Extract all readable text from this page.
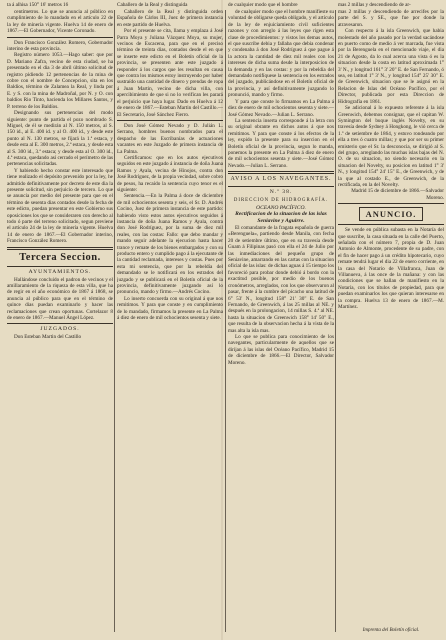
ta á alhisa 150° 16' metros 16	Caballero de la Real y distinguida	de cualquier modo que el hombre	mas 2 millas y descendiendo de ar-

centímetros. Lo que se anuncia al público en cumplimiento de lo mandado en el artículo 22 de la ley de minería vigente. Huelva 14 de enero de 1867.—El Gobernador, Vicente Coronado.

Don Francisco González Romero, Gobernador interino de esta provincia.

Registro número 1053.—Hago saber: que por D. Mariano Zafra, vecino de esta ciudad, se ha presentado en el dia 3 de abril último solicitud de registro pidiendo 12 pertenencias de la mina de cobre con el nombre de Concepcion, sita en los Baldíos, término de Zalamea la Real, y linda por E. y S. con la mina de Madroñal, por N. y O. con baldíos Rio Tinto, hacienda los Millares Santos, y P. terreno de los Baldíos.

Designando sus pertenencias del modo siguiente: punto de partida el pozo nombrado S. Miguel, de él se medirán al N. 150 metros, al S. 150 id., al E. 400 id. y al O. 400 id., y desde este punto al N. 130 metros, se fijará la 1.ª estaca, y desde esta al E. 300 metros, 2.ª estaca, y desde esta al S. 300 id., 3.ª estaca; y desde esta al O. 300 id., 4.ª estaca, quedando así cerrado el perímetro de las pertenencias solicitadas.

Y habiendo hecho constar este interesado que tiene realizado el depósito prevenido por la ley, he admitido definitivamente por decreto de este dia la presente solicitud, sin perjuicio de tercero. Lo que se anuncia por medio del presente para que en el término de sesenta dias contados desde la fecha de este edicto, puedan presentar en este Gobierno sus oposiciones los que se consideraren con derecho al todo ó parte del terreno solicitado, segun previene el artículo 24 de la ley de minería vigente. Huelva 14 de enero de 1867.—El Gobernador interino, Francisco González Romero.

Tercera Seccion.
AYUNTAMIENTOS.

Hallándose concluido el padron de vecinos y el amillaramiento de la riqueza de esta villa, que ha de regir en el año económico de 1867 á 1868, se anuncia al público para que en el término de quince dias puedan examinarlo y hacer las reclamaciones que crean oportunas. Cortelazor 8 de enero de 1867.—Manuel Ángel López.

JUZGADOS.

Don Esteban Martin del Castillo

Caballero de la Real y distinguida orden Española de Cárlos III, Juez de primera instancia en este partido de Huelva.

Por el presente se cita, llama y emplaza á José Parra Moya y Juliana Vázquez Moya, su mujer, vecinos de Escacena, para que en el preciso término de treinta dias, contados desde el en que se inserte este edicto en el Boletín oficial de la provincia, se presenten ante este juzgado á responder á los cargos que les resultan en causa que contra los mismos estoy instruyendo por haber sustraído una cantidad de dinero y prendas de ropa á Juan Martin, vecino de dicha villa, con apercibimiento de que si no lo verifican les parará el perjuicio que haya lugar. Dado en Huelva á 12 de enero de 1867.—Esteban Martin del Castillo.—El Secretario, José Sánchez Fierro.

Don José Gómez Nevado y D. Julián L. Serrano, hombres buenos nombrados para el despacho de las Escribanías de actuaciones vacantes en este Juzgado de primera instancia de La Palma.

Certificamos: que en los autos ejecutivos seguidos en este juzgado á instancia de doña Juana Ramos y Ayala, vecina de Hinojos, contra don José Rodríguez, de la propia vecindad, sobre cobro de pesos, ha recaído la sentencia cuyo tenor es el siguiente:

Sentencia.—En la Palma á doce de diciembre de mil ochocientos sesenta y seis, el Sr. D. Andrés Cocino, Juez de primera instancia de este partido: habiendo visto estos autos ejecutivos seguidos á instancia de doña Juana Ramos y Ayala, contra don José Rodríguez, por la suma de diez mil reales, con las costas: Fallo: que debo mandar y mando seguir adelante la ejecucion hasta hacer trance y remate de los bienes embargados y con su producto entero y cumplido pago á la ejecutante de la cantidad reclamada, intereses y costas. Pues por esta mi sentencia, que por la rebeldía del demandado se le notificará en los estrados del juzgado y se publicará en el Boletín oficial de la provincia, definitivamente juzgando así lo pronuncio, mando y firmo.—Andrés Cocino.

Lo inserto concuerda con su original á que nos remitimos. Y para que conste y en cumplimiento de lo mandado, firmamos la presente en La Palma á diez de enero de mil ochocientos sesenta y siete.

de cualquier modo que el hombre manifieste su voluntad de obligarse queda obligado, y el artículo de la ley de enjuiciamiento civil suficientes razones y con arreglo á las leyes que rigen esta clase de procedimientos: y vistos los demas autos, el que suscribe debia y fallaba que debia condenar y condenaba á don José Rodríguez á que pague á la actora la cantidad de diez mil reales con los intereses de dicha suma desde la interposicion de la demanda y en las costas: y por la rebeldía del demandado notifíquese la sentencia en los estrados del juzgado, publicándose en el Boletín oficial de la provincia, y así definitivamente juzgando lo pronunció, mando y firmo.

Y para que conste lo firmamos en La Palma á diez de enero de mil ochocientos sesenta y siete.—José Gómez Nevado.—Julian L. Serrano.

La sentencia inserta corresponde á la letra con su original obrante en dichos autos á que nos remitimos. Y para que conste á los efectos de la ley, expido la presente para su insercion en el Boletín oficial de la provincia, segun lo manda, ponemos la presente en La Palma á diez de enero de mil ochocientos sesenta y siete.—José Gómez Nevado.—Julian L. Serrano.

AVISO A LOS NAVEGANTES.
N.º 38.
DIRECCION DE HIDROGRAFÍA.
OCEANO PACÍFICO.
Rectificacion de la situacion de las islas Seniavine y Aguirre.

El comandante de la fragata española de guerra «Berenguela», partiendo desde Manila, con fecha 20 de setiembre último, que en su travesía desde Guam á Filipinas pasó con ella el 24 de Julio por las inmediaciones del pequeño grupo de Seniavine, amarrando en las cartas con la situacion oficial de las islas: de dichas aguas á 15 tiempo los favoreció para probar donde debió á bordo con la exactitud posible, por medio de los buenos cronómetros, arreglados, con los que observaron al pasar, frente á la cumbre del picacho una latitud de 6° 53' N., longitud 158° 21' 30" E. de San Fernando, de Greenwich, á las 25 millas al NE. y después en la prolongacion, 14 millas S. 4.ª al NE. hasta la situacion de Greenwich 158° 14' 50" E., que resulta de la observacion hecha á la vista de la mas alta la isla mas.

Lo que se publica para conocimiento de los navegantes, particularmente de aquellos que se dirijan á las islas del Océano Pacífico, Madrid 15 de diciembre de 1866.—El Director, Salvador Moreno.

mas 2 millas y descendiendo de arrecifes por la parte del S. y SE., que fue por donde la atravesaron.

Con respecto á la isla Greenwich, que habia molestado del año pasado por la verdad sacándose en puerto como de medio á ver marcada, fue vista por la Berenguela en el mencionado viaje, el dia 21 de Agosto, da lo cual acerca una vista ó es la situacion desde la costa en latitud aproximada 1° 3' N., y longitud 161° 3' 20" E. de San Fernando, ó sea, en latitud 1° 3' N., y longitud 154° 25' 30" E. de Greenwich, situacion que se le asignó en la Relacion de Islas del Océano Pacífico, por el Director, publicada por esta Direccion de Hidrografía en 1861.

Se adicional á lo expuesto referente á la isla Greenwich, debemos consignar, que el capitan W. Symington del buque inglés Novelty, en su travesía desde Sydney á Hongkong, le vió cerca de 1.º de setiembre de 1864, y estuvo rondeando por ella a tres ó cuatro millas; y que por ser su primer emisterio que el Sr. la desconocia, se dirigió al S. del grupo, arreglando las muchas islas bajas del N. O. de su situacion, no siendo necesario en la situacion del Novelty, su posicion en latitud 1° 3' N., y longitud 154° 24' 15" E., de Greenwich, y de la que al costado E., de Greenwich, de la rectificada, en la del Novelty.

Madrid 15 de diciembre de 1866.—Salvador Moreno.

ANUNCIO.

Se vende en pública subasta en la Notaría del que suscribe, la casa situada en la calle del Puerto, señalada con el número 7, propia de D. Juan Antonio de Almonte, procedente de su padre, con el fin de hacer pago á un crédito hipotecario, cuyo remate tendrá lugar el dia 22 de enero corriente, en la casa del Notario de Villafranca, Juan de Villanueva, á las once de la mañana: y con las condiciones que se hallan de manifiesto en la Notaría, con los títulos de propiedad, para que puedan examinarlos los que quieran interesarse en la compra. Huelva 13 de enero de 1867.—M. Martínez.

Imprenta del Boletín oficial.
